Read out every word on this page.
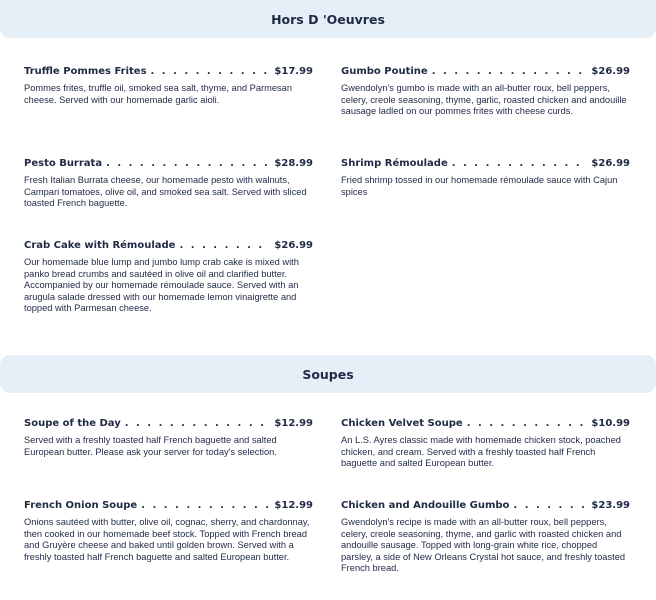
Hors D 'Oeuvres
Truffle Pommes Frites . . .	$17.99
Pommes frites, truffle oil, smoked sea salt, thyme, and Parmesan cheese. Served with our homemade garlic aioli.
Gumbo Poutine . . .	$26.99
Gwendolyn's gumbo is made with an all-butter roux, bell peppers, celery, creole seasoning, thyme, garlic, roasted chicken and andouille sausage ladled on our pommes frites with cheese curds.
Pesto Burrata . . .	$28.99
Fresh Italian Burrata cheese, our homemade pesto with walnuts, Campari tomatoes, olive oil, and smoked sea salt. Served with sliced toasted French baguette.
Shrimp Rémoulade . . .	$26.99
Fried shrimp tossed in our homemade rémoulade sauce with Cajun spices
Crab Cake with Rémoulade . . .	$26.99
Our homemade blue lump and jumbo lump crab cake is mixed with panko bread crumbs and sautéed in olive oil and clarified butter. Accompanied by our homemade rémoulade sauce. Served with an arugula salade dressed with our homemade lemon vinaigrette and topped with Parmesan cheese.
Soupes
Soupe of the Day . . .	$12.99
Served with a freshly toasted half French baguette and salted European butter. Please ask your server for today's selection.
Chicken Velvet Soupe . . .	$10.99
An L.S. Ayres classic made with homemade chicken stock, poached chicken, and cream. Served with a freshly toasted half French baguette and salted European butter.
French Onion Soupe . . .	$12.99
Onions sautéed with butter, olive oil, cognac, sherry, and chardonnay, then cooked in our homemade beef stock. Topped with French bread and Gruyère cheese and baked until golden brown. Served with a freshly toasted half French baguette and salted European butter.
Chicken and Andouille Gumbo . . .	$23.99
Gwendolyn's recipe is made with an all-butter roux, bell peppers, celery, creole seasoning, thyme, and garlic with roasted chicken and andouille sausage. Topped with long-grain white rice, chopped parsley, a side of New Orleans Crystal hot sauce, and freshly toasted French bread.
